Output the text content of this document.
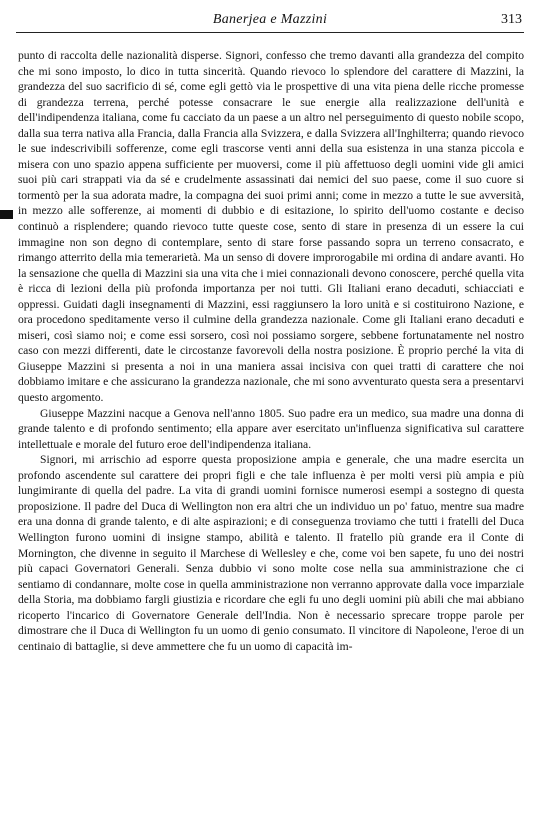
Banerjea e Mazzini	313

punto di raccolta delle nazionalità disperse. Signori, confesso che tremo davanti alla grandezza del compito che mi sono imposto, lo dico in tutta sincerità. Quando rievoco lo splendore del carattere di Mazzini, la grandezza del suo sacrificio di sé, come egli gettò via le prospettive di una vita piena delle ricche promesse di grandezza terrena, perché potesse consacrare le sue energie alla realizzazione dell'unità e dell'indipendenza italiana, come fu cacciato da un paese a un altro nel perseguimento di questo nobile scopo, dalla sua terra nativa alla Francia, dalla Francia alla Svizzera, e dalla Svizzera all'Inghilterra; quando rievoco le sue indescrivibili sofferenze, come egli trascorse venti anni della sua esistenza in una stanza piccola e misera con uno spazio appena sufficiente per muoversi, come il più affettuoso degli uomini vide gli amici suoi più cari strappati via da sé e crudelmente assassinati dai nemici del suo paese, come il suo cuore si tormentò per la sua adorata madre, la compagna dei suoi primi anni; come in mezzo a tutte le sue avversità, in mezzo alle sofferenze, ai momenti di dubbio e di esitazione, lo spirito dell'uomo costante e deciso continuò a risplendere; quando rievoco tutte queste cose, sento di stare in presenza di un essere la cui immagine non son degno di contemplare, sento di stare forse passando sopra un terreno consacrato, e rimango atterrito della mia temerarietà. Ma un senso di dovere improrogabile mi ordina di andare avanti. Ho la sensazione che quella di Mazzini sia una vita che i miei connazionali devono conoscere, perché quella vita è ricca di lezioni della più profonda importanza per noi tutti. Gli Italiani erano decaduti, schiacciati e oppressi. Guidati dagli insegnamenti di Mazzini, essi raggiunsero la loro unità e si costituirono Nazione, e ora procedono speditamente verso il culmine della grandezza nazionale. Come gli Italiani erano decaduti e miseri, così siamo noi; e come essi sorsero, così noi possiamo sorgere, sebbene fortunatamente nel nostro caso con mezzi differenti, date le circostanze favorevoli della nostra posizione. È proprio perché la vita di Giuseppe Mazzini si presenta a noi in una maniera assai incisiva con quei tratti di carattere che noi dobbiamo imitare e che assicurano la grandezza nazionale, che mi sono avventurato questa sera a presentarvi questo argomento.

Giuseppe Mazzini nacque a Genova nell'anno 1805. Suo padre era un medico, sua madre una donna di grande talento e di profondo sentimento; ella appare aver esercitato un'influenza significativa sul carattere intellettuale e morale del futuro eroe dell'indipendenza italiana.

Signori, mi arrischio ad esporre questa proposizione ampia e generale, che una madre esercita un profondo ascendente sul carattere dei propri figli e che tale influenza è per molti versi più ampia e più lungimirante di quella del padre. La vita di grandi uomini fornisce numerosi esempi a sostegno di questa proposizione. Il padre del Duca di Wellington non era altri che un individuo un po' fatuo, mentre sua madre era una donna di grande talento, e di alte aspirazioni; e di conseguenza troviamo che tutti i fratelli del Duca Wellington furono uomini di insigne stampo, abilità e talento. Il fratello più grande era il Conte di Mornington, che divenne in seguito il Marchese di Wellesley e che, come voi ben sapete, fu uno dei nostri più capaci Governatori Generali. Senza dubbio vi sono molte cose nella sua amministrazione che ci sentiamo di condannare, molte cose in quella amministrazione non verranno approvate dalla voce imparziale della Storia, ma dobbiamo fargli giustizia e ricordare che egli fu uno degli uomini più abili che mai abbiano ricoperto l'incarico di Governatore Generale dell'India. Non è necessario sprecare troppe parole per dimostrare che il Duca di Wellington fu un uomo di genio consumato. Il vincitore di Napoleone, l'eroe di un centinaio di battaglie, si deve ammettere che fu un uomo di capacità im-
